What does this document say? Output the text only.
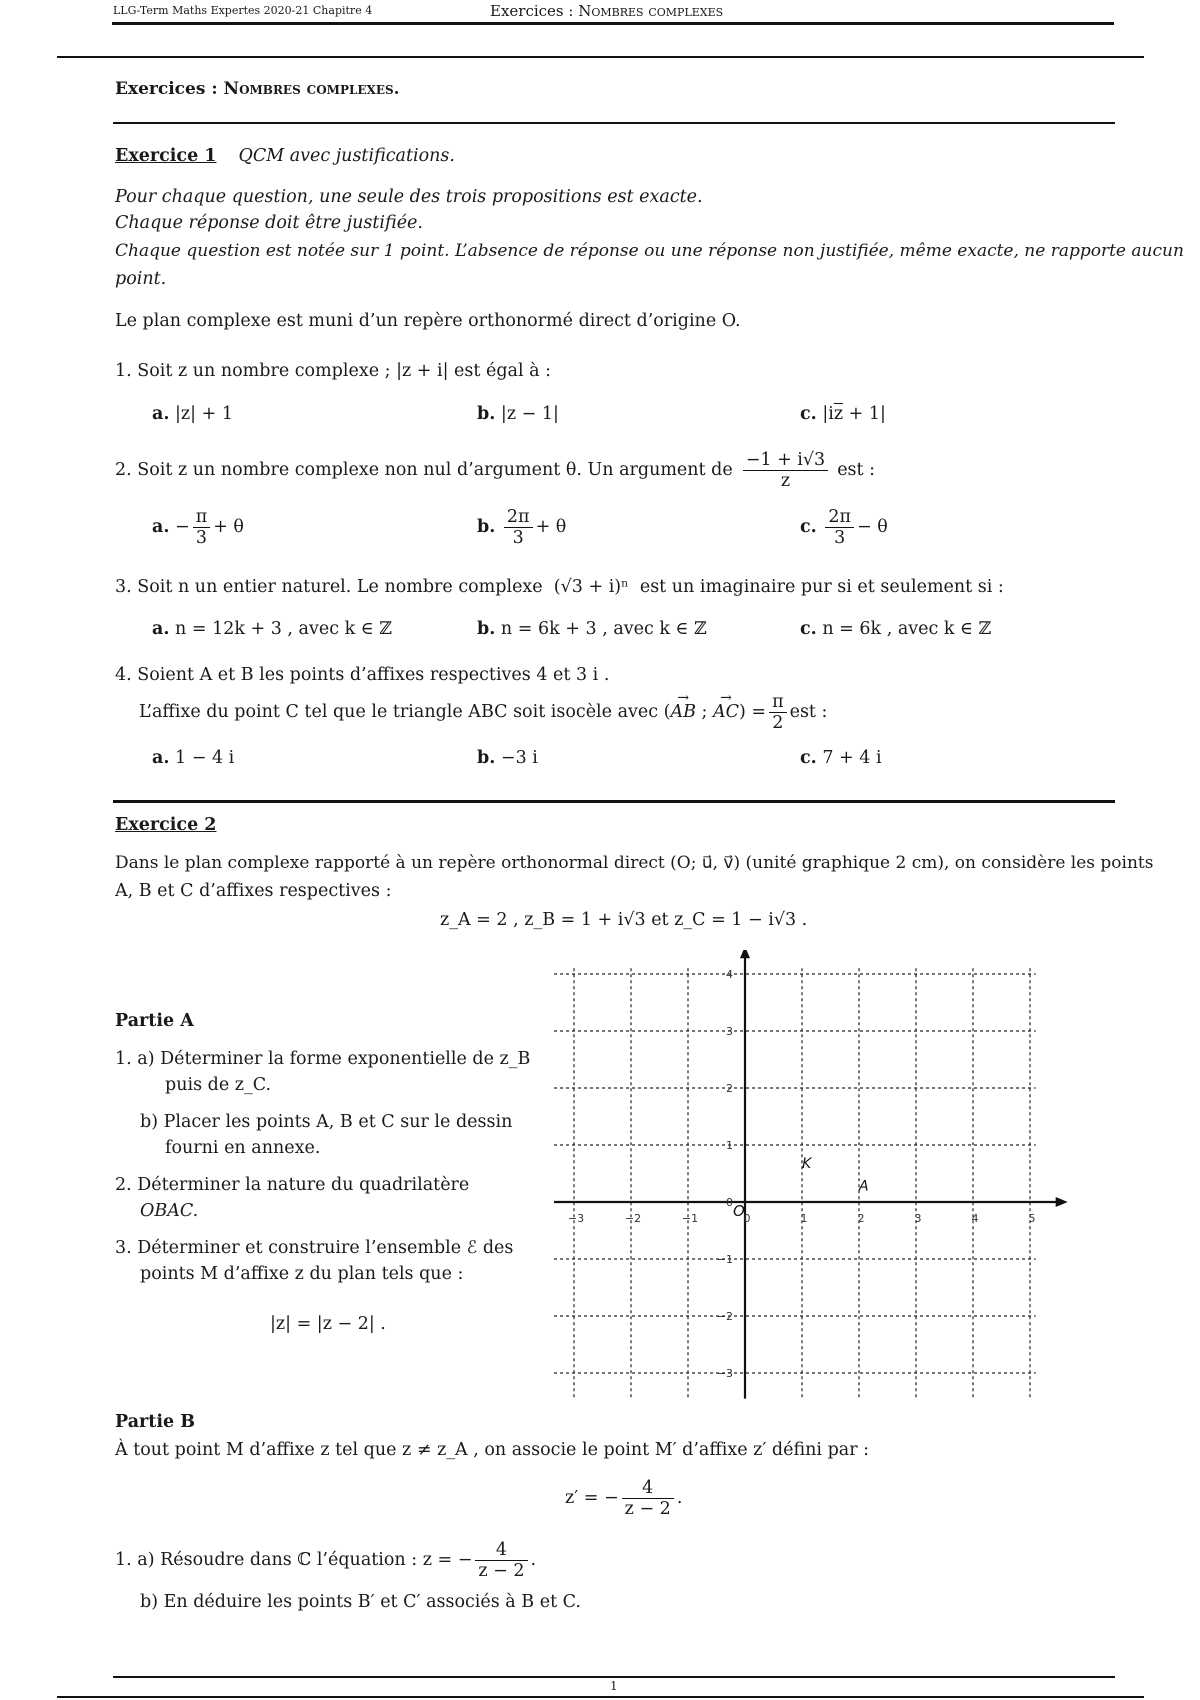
LLG-Term Maths Expertes 2020-21 Chapitre 4	Exercices : Nombres complexes
Exercices : Nombres complexes.
Exercice 1 QCM avec justifications.
Pour chaque question, une seule des trois propositions est exacte.
Chaque réponse doit être justifiée.
Chaque question est notée sur 1 point. L’absence de réponse ou une réponse non justifiée, même exacte, ne rapporte aucun
point.
Le plan complexe est muni d’un repère orthonormé direct d’origine O.
1. Soit z un nombre complexe ; |z + i| est égal à :
a. |z| + 1	b. |z − 1|	c. $|i\overline{z} + 1|$
2. Soit z un nombre complexe non nul d’argument θ. Un argument de $\frac{-1 + i√3}{z}$ est :
a.
− $\frac{\pi}{3} + \theta$	b.
$\frac{2\pi}{3} + \theta$	c.
$\frac{2\pi}{3} - \theta$
3. Soit n un entier naturel. Le nombre complexe (√3 + i)ⁿ est un imaginaire pur si et seulement si :
a. n = 12k + 3 , avec k ∈ ℤ	b. n = 6k + 3 , avec k ∈ ℤ	c. n = 6k , avec k ∈ ℤ
4. Soient A et B les points d’affixes respectives 4 et 3 i .
L’affixe du point C tel que le triangle ABC soit isocèle avec ( → AB ; → AC ) = $\frac{\pi}{2}$ est :
a. 1 − 4 i	b. −3 i	c. 7 + 4 i
Exercice 2
Dans le plan complexe rapporté à un repère orthonormal direct (O; u⃗, v⃗) (unité graphique 2 cm), on considère les points
A, B et C d’affixes respectives :
z_A = 2 , z_B = 1 + i√3 et z_C = 1 − i√3 .
Partie A
1. a) Déterminer la forme exponentielle de z_B
puis de z_C.
b) Placer les points A, B et C sur le dessin
fourni en annexe.
2. Déterminer la nature du quadrilatère
OBAC.
3. Déterminer et construire l’ensemble ℰ des
points M d’affixe z du plan tels que :
|z| = |z − 2| .
−3	−2	−1	1	2	3	4	5
4
3
2
1
0
−1
−2
−3
0
O
K
A
Partie B
À tout point M d’affixe z tel que z ≠ z_A , on associe le point M′ d’affixe z′ défini par :
z′ = − $\frac{4}{z - 2}$ .
1. a) Résoudre dans ℂ l’équation : z = − $\frac{4}{z - 2}$ .
b) En déduire les points B′ et C′ associés à B et C.
1
